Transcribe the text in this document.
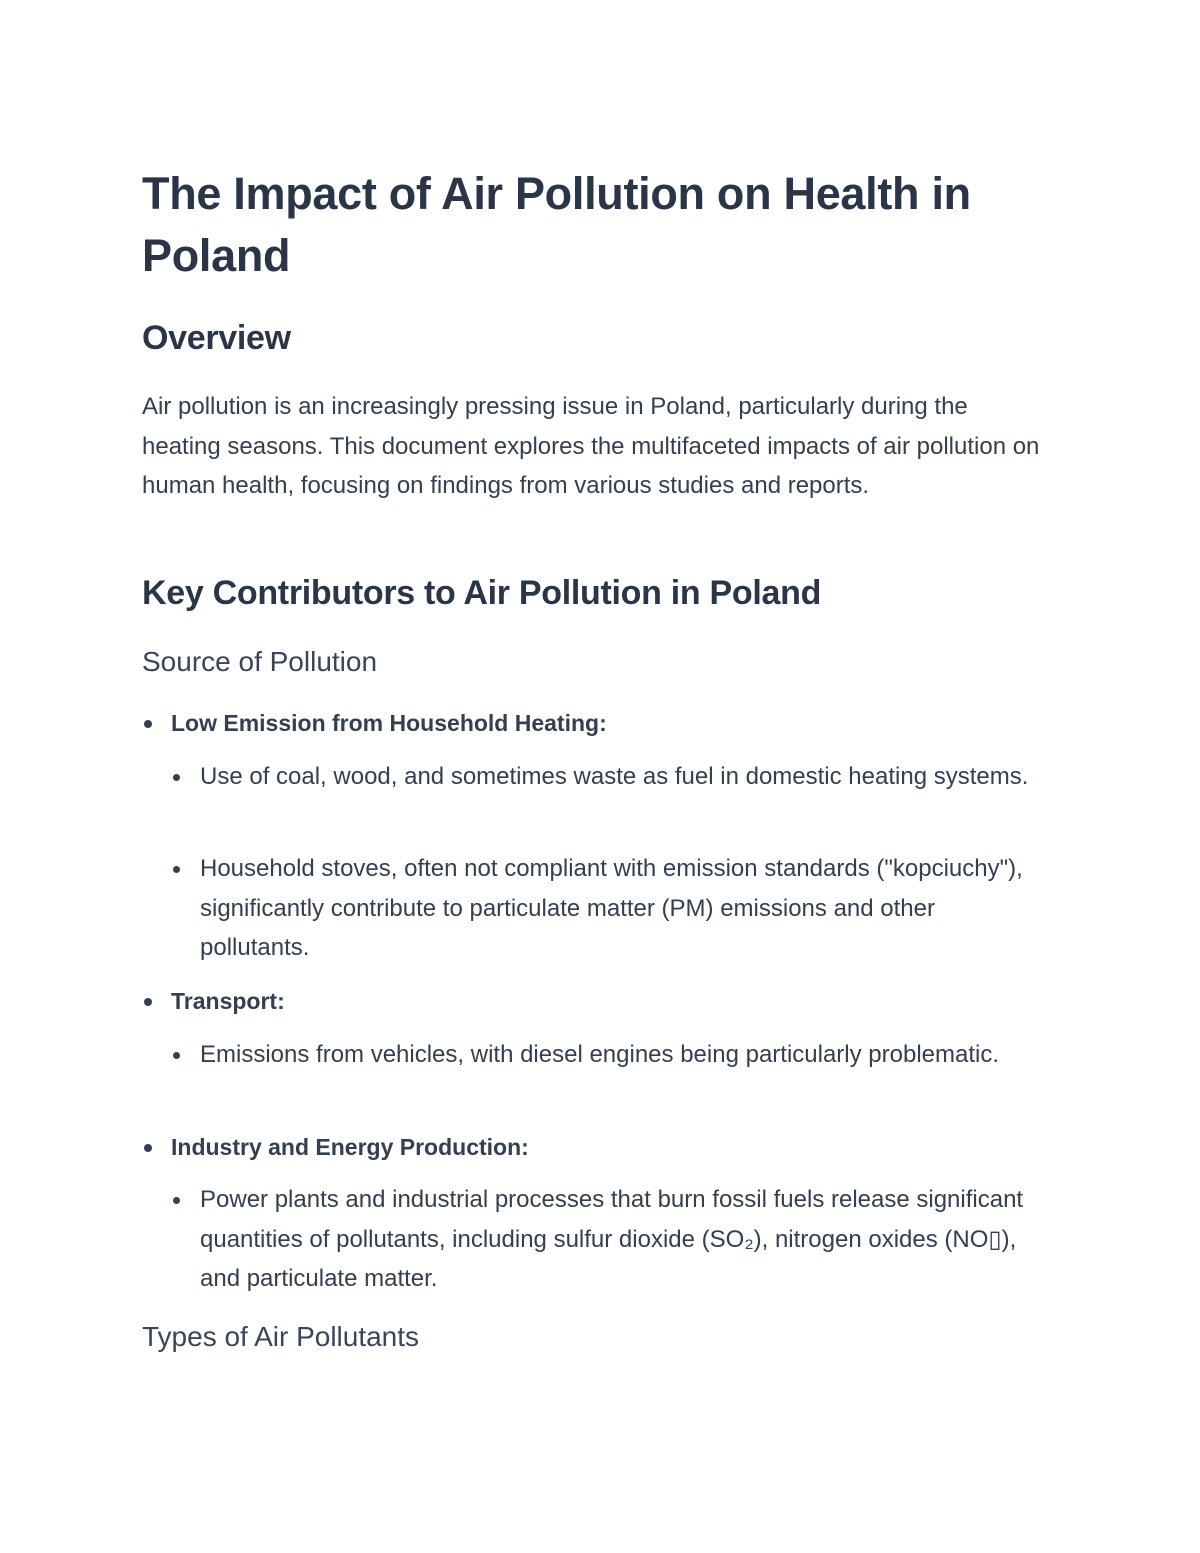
The Impact of Air Pollution on Health in Poland
Overview

Air pollution is an increasingly pressing issue in Poland, particularly during the heating seasons. This document explores the multifaceted impacts of air pollution on human health, focusing on findings from various studies and reports.

Key Contributors to Air Pollution in Poland
Source of Pollution
Low Emission from Household Heating:
Use of coal, wood, and sometimes waste as fuel in domestic heating systems.
Household stoves, often not compliant with emission standards ("kopciuchy"), significantly contribute to particulate matter (PM) emissions and other pollutants.
Transport:
Emissions from vehicles, with diesel engines being particularly problematic.
Industry and Energy Production:
Power plants and industrial processes that burn fossil fuels release significant quantities of pollutants, including sulfur dioxide (SO₂), nitrogen oxides (NO▯), and particulate matter.
Types of Air Pollutants
